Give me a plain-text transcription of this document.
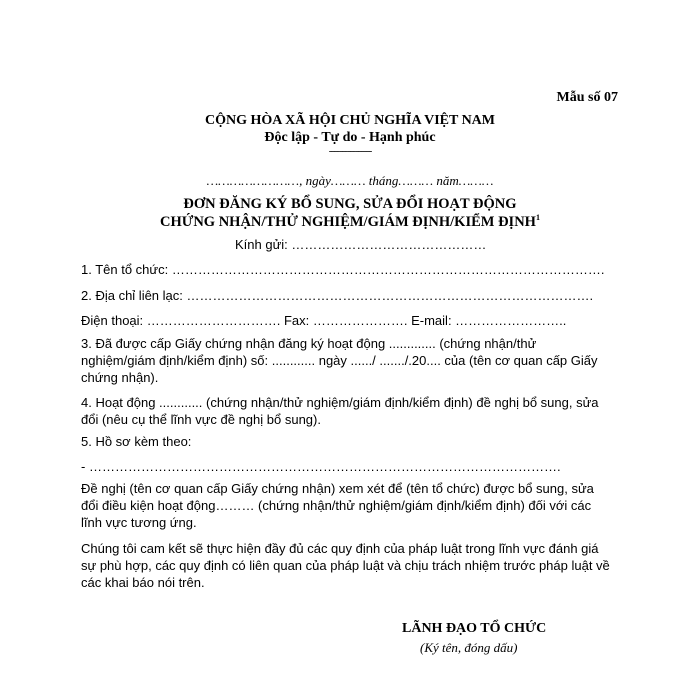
Mẫu số 07
CỘNG HÒA XÃ HỘI CHỦ NGHĨA VIỆT NAM
Độc lập - Tự do - Hạnh phúc
----------------
……………………, ngày……… tháng……… năm………
ĐƠN ĐĂNG KÝ BỔ SUNG, SỬA ĐỔI HOẠT ĐỘNG
CHỨNG NHẬN/THỬ NGHIỆM/GIÁM ĐỊNH/KIỂM ĐỊNH$^1$
Kính gửi: ………………………………………
1. Tên tổ chức: ……………………………………………………………………………………….
2. Địa chỉ liên lạc: ………………………………………………………………………………….
Điện thoại: …………………………. Fax: …………………. E-mail: ……………………..
3. Đã được cấp Giấy chứng nhận đăng ký hoạt động ............. (chứng nhận/thử nghiệm/giám định/kiểm định) số: ............ ngày ....../ ......./.20.... của (tên cơ quan cấp Giấy chứng nhận).
4. Hoạt động ............ (chứng nhận/thử nghiệm/giám định/kiểm định) đề nghị bổ sung, sửa đổi (nêu cụ thể lĩnh vực đề nghị bổ sung).
5. Hồ sơ kèm theo:
- ……………………………………………………………………………………………….
Đề nghị (tên cơ quan cấp Giấy chứng nhận) xem xét để (tên tổ chức) được bổ sung, sửa đổi điều kiện hoạt động……… (chứng nhận/thử nghiệm/giám định/kiểm định) đối với các lĩnh vực tương ứng.
Chúng tôi cam kết sẽ thực hiện đầy đủ các quy định của pháp luật trong lĩnh vực đánh giá sự phù hợp, các quy định có liên quan của pháp luật và chịu trách nhiệm trước pháp luật về các khai báo nói trên.
LÃNH ĐẠO TỔ CHỨC
(Ký tên, đóng dấu)
